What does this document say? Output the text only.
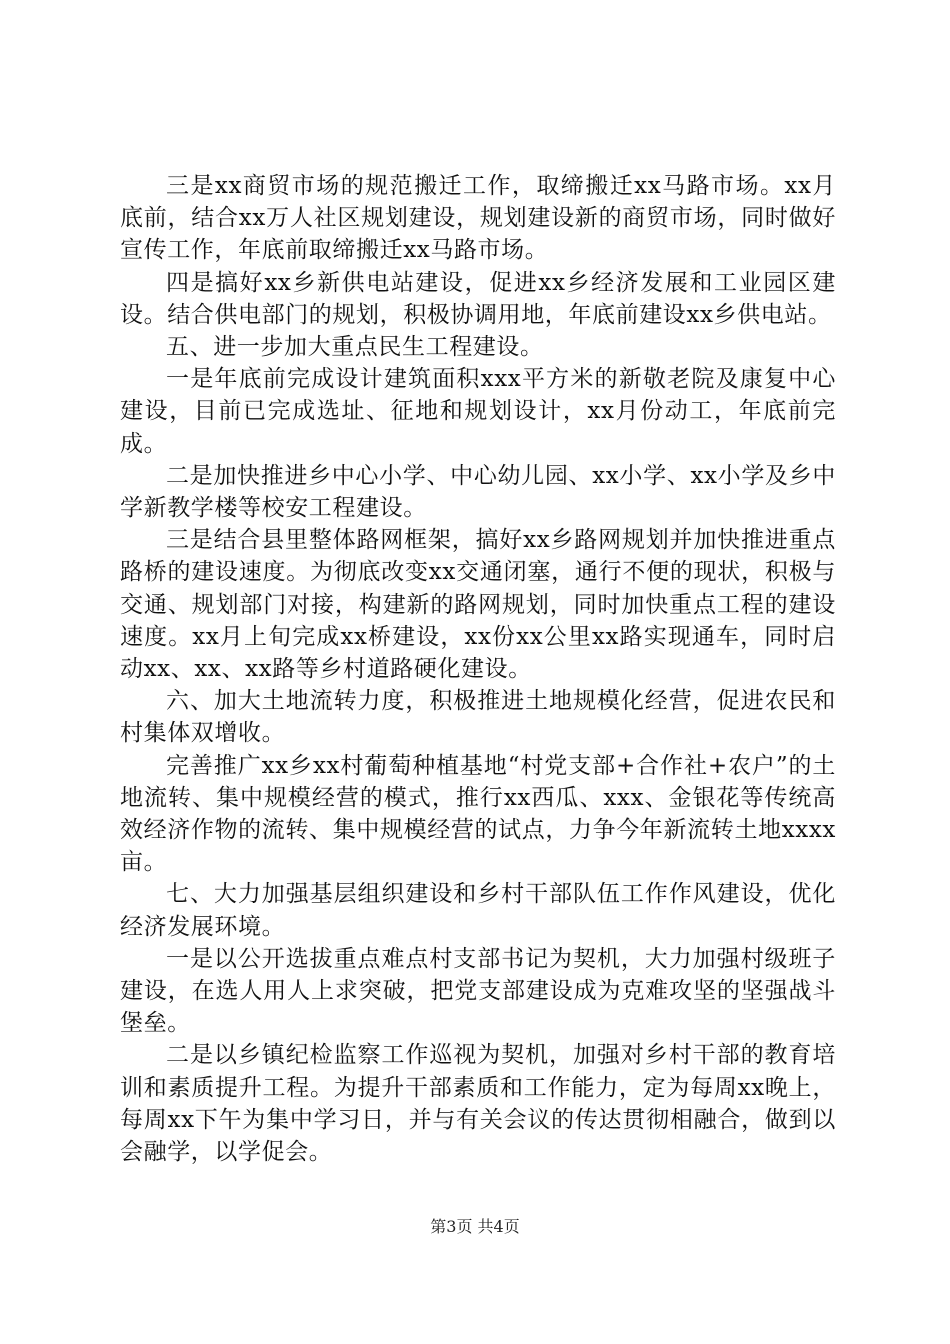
三是xx商贸市场的规范搬迁工作，取缔搬迁xx马路市场。xx月底前，结合xx万人社区规划建设，规划建设新的商贸市场，同时做好宣传工作，年底前取缔搬迁xx马路市场。

四是搞好xx乡新供电站建设，促进xx乡经济发展和工业园区建设。结合供电部门的规划，积极协调用地，年底前建设xx乡供电站。

五、进一步加大重点民生工程建设。

一是年底前完成设计建筑面积xxx平方米的新敬老院及康复中心建设，目前已完成选址、征地和规划设计，xx月份动工，年底前完成。

二是加快推进乡中心小学、中心幼儿园、xx小学、xx小学及乡中学新教学楼等校安工程建设。

三是结合县里整体路网框架，搞好xx乡路网规划并加快推进重点路桥的建设速度。为彻底改变xx交通闭塞，通行不便的现状，积极与交通、规划部门对接，构建新的路网规划，同时加快重点工程的建设速度。xx月上旬完成xx桥建设，xx份xx公里xx路实现通车，同时启动xx、xx、xx路等乡村道路硬化建设。

六、加大土地流转力度，积极推进土地规模化经营，促进农民和村集体双增收。

完善推广xx乡xx村葡萄种植基地“村党支部+合作社+农户”的土地流转、集中规模经营的模式，推行xx西瓜、xxx、金银花等传统高效经济作物的流转、集中规模经营的试点，力争今年新流转土地xxxx亩。

七、大力加强基层组织建设和乡村干部队伍工作作风建设，优化经济发展环境。

一是以公开选拔重点难点村支部书记为契机，大力加强村级班子建设，在选人用人上求突破，把党支部建设成为克难攻坚的坚强战斗堡垒。

二是以乡镇纪检监察工作巡视为契机，加强对乡村干部的教育培训和素质提升工程。为提升干部素质和工作能力，定为每周xx晚上，每周xx下午为集中学习日，并与有关会议的传达贯彻相融合，做到以会融学，以学促会。

第3页 共4页
